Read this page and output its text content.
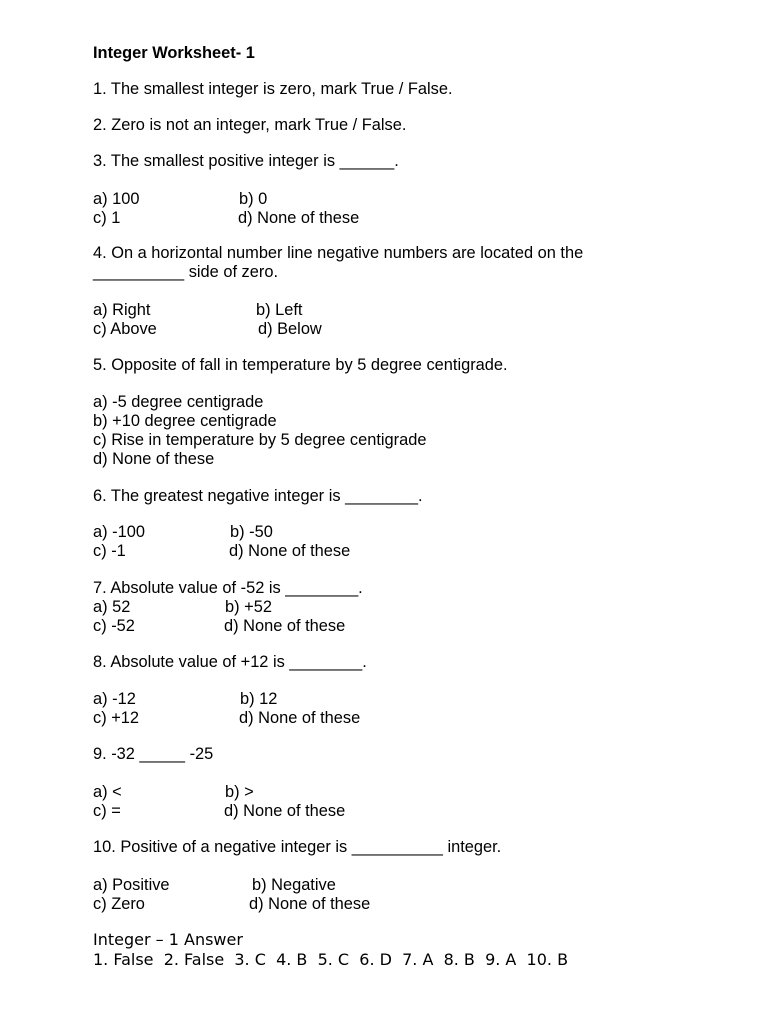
Integer Worksheet- 1
1. The smallest integer is zero, mark True / False.
2. Zero is not an integer, mark True / False.
3. The smallest positive integer is ______.
a) 100	b) 0
c) 1	d) None of these
4. On a horizontal number line negative numbers are located on the
__________ side of zero.
a) Right	b) Left
c) Above	d) Below
5. Opposite of fall in temperature by 5 degree centigrade.
a) -5 degree centigrade
b) +10 degree centigrade
c) Rise in temperature by 5 degree centigrade
d) None of these
6. The greatest negative integer is ________.
a) -100	b) -50
c) -1	d) None of these
7. Absolute value of -52 is ________.
a) 52	b) +52
c) -52	d) None of these
8. Absolute value of +12 is ________.
a) -12	b) 12
c) +12	d) None of these
9. -32 _____ -25
a) <	b) >
c) =	d) None of these
10. Positive of a negative integer is __________ integer.
a) Positive	b) Negative
c) Zero	d) None of these
Integer – 1 Answer
1. False  2. False  3. C  4. B  5. C  6. D  7. A  8. B  9. A  10. B
